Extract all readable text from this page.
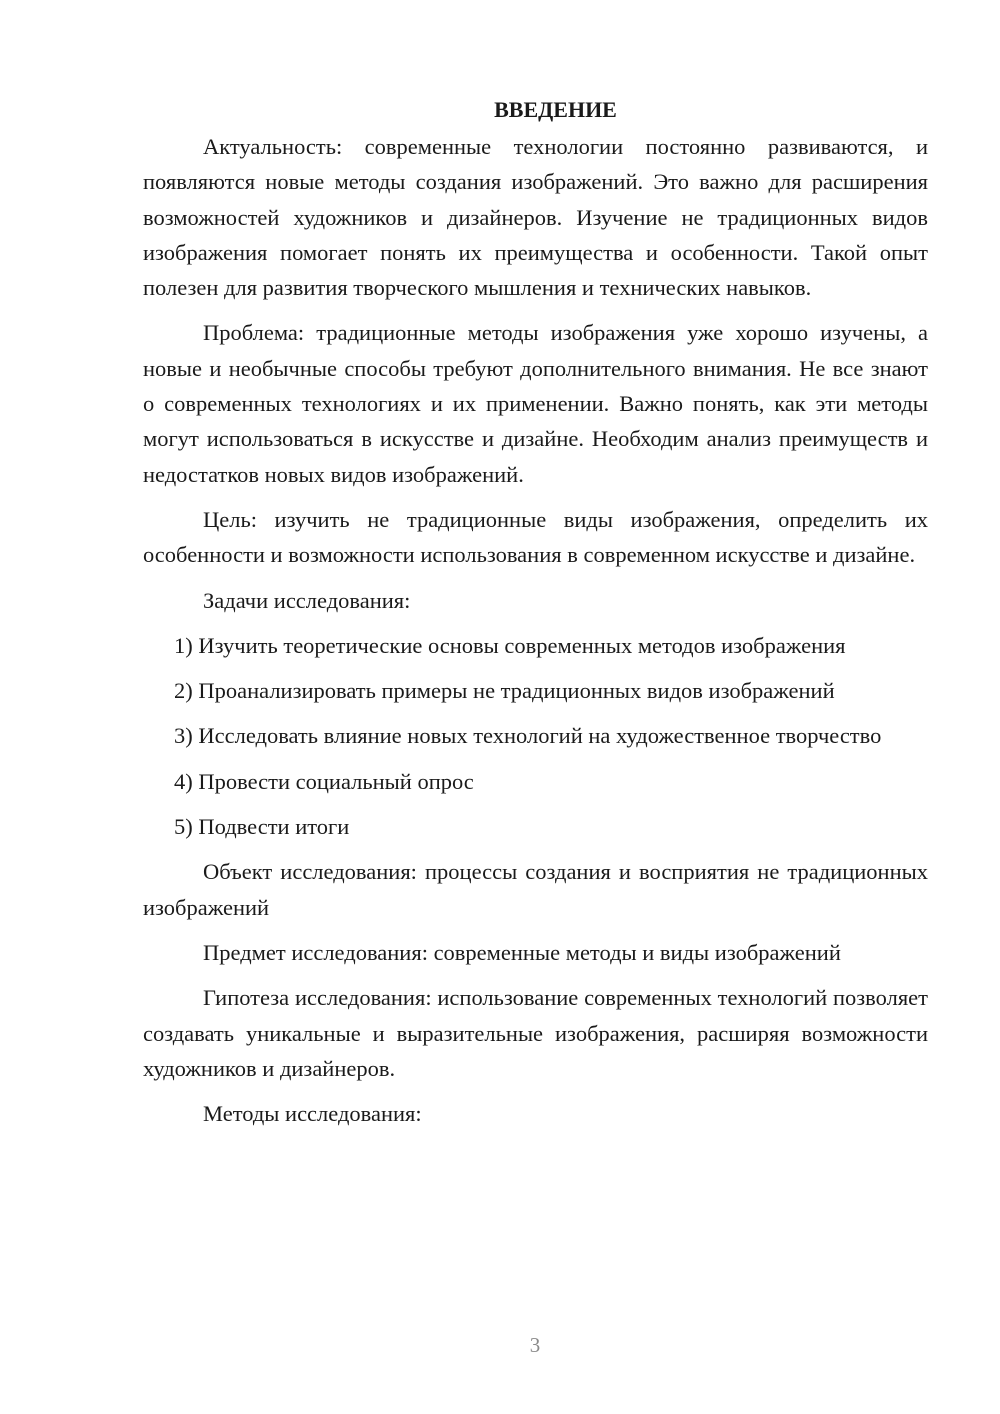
ВВЕДЕНИЕ

Актуальность: современные технологии постоянно развиваются, и появляются новые методы создания изображений. Это важно для расширения возможностей художников и дизайнеров. Изучение не традиционных видов изображения помогает понять их преимущества и особенности. Такой опыт полезен для развития творческого мышления и технических навыков.

Проблема: традиционные методы изображения уже хорошо изучены, а новые и необычные способы требуют дополнительного внимания. Не все знают о современных технологиях и их применении. Важно понять, как эти методы могут использоваться в искусстве и дизайне. Необходим анализ преимуществ и недостатков новых видов изображений.

Цель: изучить не традиционные виды изображения, определить их особенности и возможности использования в современном искусстве и дизайне.

Задачи исследования:

1) Изучить теоретические основы современных методов изображения

2) Проанализировать примеры не традиционных видов изображений

3) Исследовать влияние новых технологий на художественное творчество

4) Провести социальный опрос

5) Подвести итоги

Объект исследования: процессы создания и восприятия не традиционных изображений

Предмет исследования: современные методы и виды изображений

Гипотеза исследования: использование современных технологий позволяет создавать уникальные и выразительные изображения, расширяя возможности художников и дизайнеров.

Методы исследования:

3
